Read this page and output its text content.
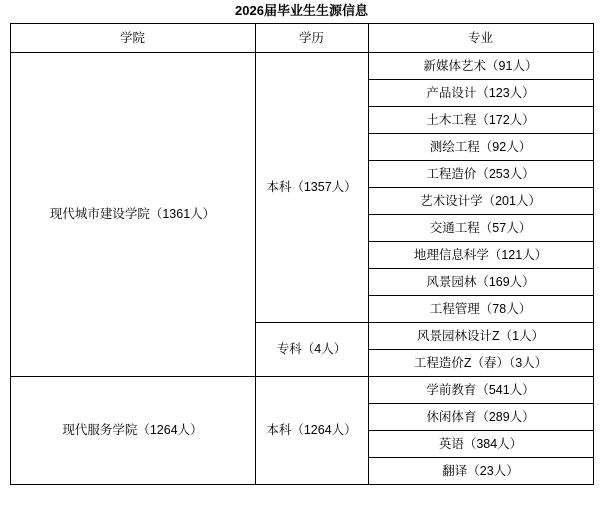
2026届毕业生生源信息
学院	学历	专业
现代城市建设学院（1361人）	本科（1357人）	新媒体艺术（91人）
		产品设计（123人）
		土木工程（172人）
		测绘工程（92人）
		工程造价（253人）
		艺术设计学（201人）
		交通工程（57人）
		地理信息科学（121人）
		风景园林（169人）
		工程管理（78人）
	专科（4人）	风景园林设计Z（1人）
		工程造价Z（春）（3人）
现代服务学院（1264人）	本科（1264人）	学前教育（541人）
		休闲体育（289人）
		英语（384人）
		翻译（23人）
